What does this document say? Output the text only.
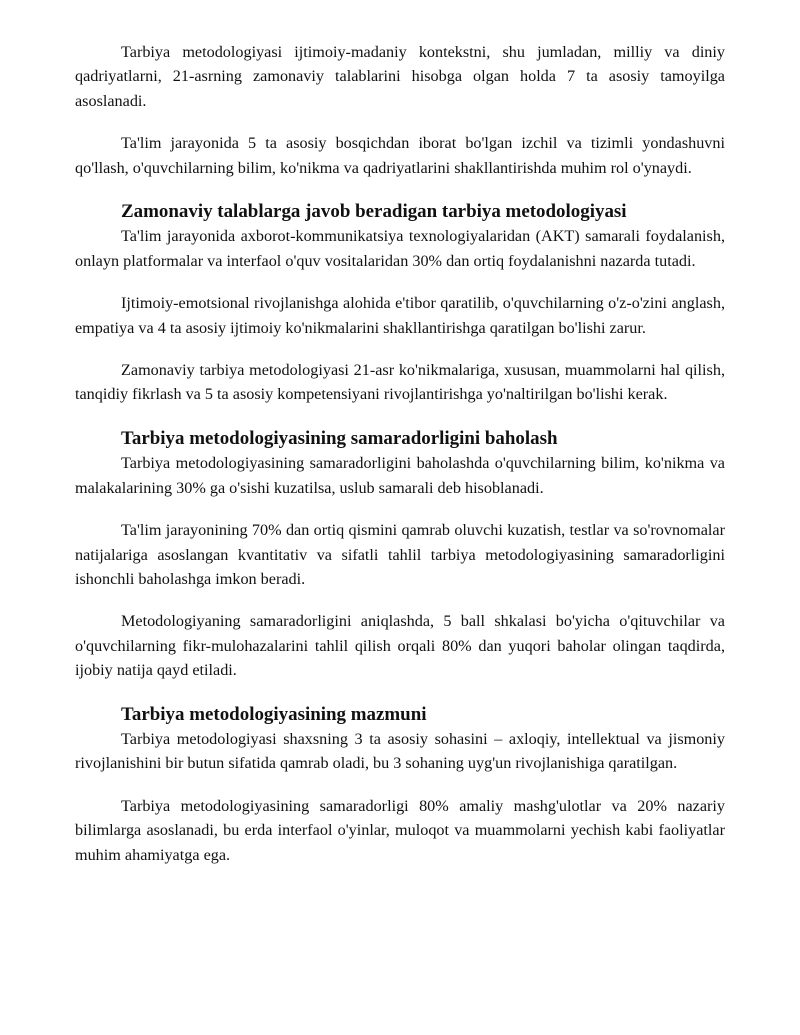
Tarbiya metodologiyasi ijtimoiy-madaniy kontekstni, shu jumladan, milliy va diniy qadriyatlarni, 21-asrning zamonaviy talablarini hisobga olgan holda 7 ta asosiy tamoyilga asoslanadi.

Ta'lim jarayonida 5 ta asosiy bosqichdan iborat bo'lgan izchil va tizimli yondashuvni qo'llash, o'quvchilarning bilim, ko'nikma va qadriyatlarini shakllantirishda muhim rol o'ynaydi.

Zamonaviy talablarga javob beradigan tarbiya metodologiyasi

Ta'lim jarayonida axborot-kommunikatsiya texnologiyalaridan (AKT) samarali foydalanish, onlayn platformalar va interfaol o'quv vositalaridan 30% dan ortiq foydalanishni nazarda tutadi.

Ijtimoiy-emotsional rivojlanishga alohida e'tibor qaratilib, o'quvchilarning o'z-o'zini anglash, empatiya va 4 ta asosiy ijtimoiy ko'nikmalarini shakllantirishga qaratilgan bo'lishi zarur.

Zamonaviy tarbiya metodologiyasi 21-asr ko'nikmalariga, xususan, muammolarni hal qilish, tanqidiy fikrlash va 5 ta asosiy kompetensiyani rivojlantirishga yo'naltirilgan bo'lishi kerak.

Tarbiya metodologiyasining samaradorligini baholash

Tarbiya metodologiyasining samaradorligini baholashda o'quvchilarning bilim, ko'nikma va malakalarining 30% ga o'sishi kuzatilsa, uslub samarali deb hisoblanadi.

Ta'lim jarayonining 70% dan ortiq qismini qamrab oluvchi kuzatish, testlar va so'rovnomalar natijalariga asoslangan kvantitativ va sifatli tahlil tarbiya metodologiyasining samaradorligini ishonchli baholashga imkon beradi.

Metodologiyaning samaradorligini aniqlashda, 5 ball shkalasi bo'yicha o'qituvchilar va o'quvchilarning fikr-mulohazalarini tahlil qilish orqali 80% dan yuqori baholar olingan taqdirda, ijobiy natija qayd etiladi.

Tarbiya metodologiyasining mazmuni

Tarbiya metodologiyasi shaxsning 3 ta asosiy sohasini – axloqiy, intellektual va jismoniy rivojlanishini bir butun sifatida qamrab oladi, bu 3 sohaning uyg'un rivojlanishiga qaratilgan.

Tarbiya metodologiyasining samaradorligi 80% amaliy mashg'ulotlar va 20% nazariy bilimlarga asoslanadi, bu erda interfaol o'yinlar, muloqot va muammolarni yechish kabi faoliyatlar muhim ahamiyatga ega.
